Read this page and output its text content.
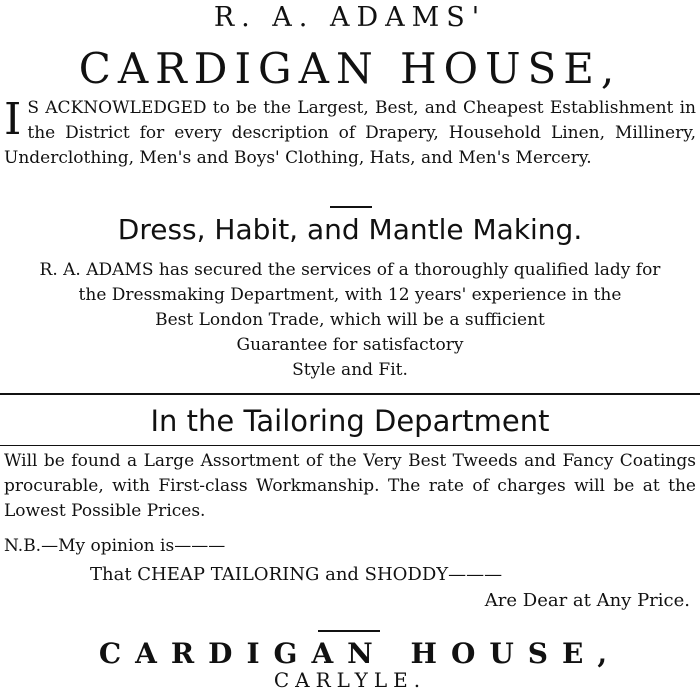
R. A. ADAMS'
CARDIGAN HOUSE,
I S ACKNOWLEDGED to be the Largest, Best, and Cheapest Establishment in the District for every description of Drapery, Household Linen, Millinery, Underclothing, Men's and Boys' Clothing, Hats, and Men's Mercery.
Dress, Habit, and Mantle Making.
R. A. ADAMS has secured the services of a thoroughly qualified lady for
the Dressmaking Department, with 12 years' experience in the
Best London Trade, which will be a sufficient
Guarantee for satisfactory
Style and Fit.
In the Tailoring Department
Will be found a Large Assortment of the Very Best Tweeds and Fancy Coatings procurable, with First-class Workmanship. The rate of charges will be at the Lowest Possible Prices.
N.B.—My opinion is———
That CHEAP TAILORING and SHODDY———
Are Dear at Any Price.
CARDIGAN HOUSE,
CARLYLE.
